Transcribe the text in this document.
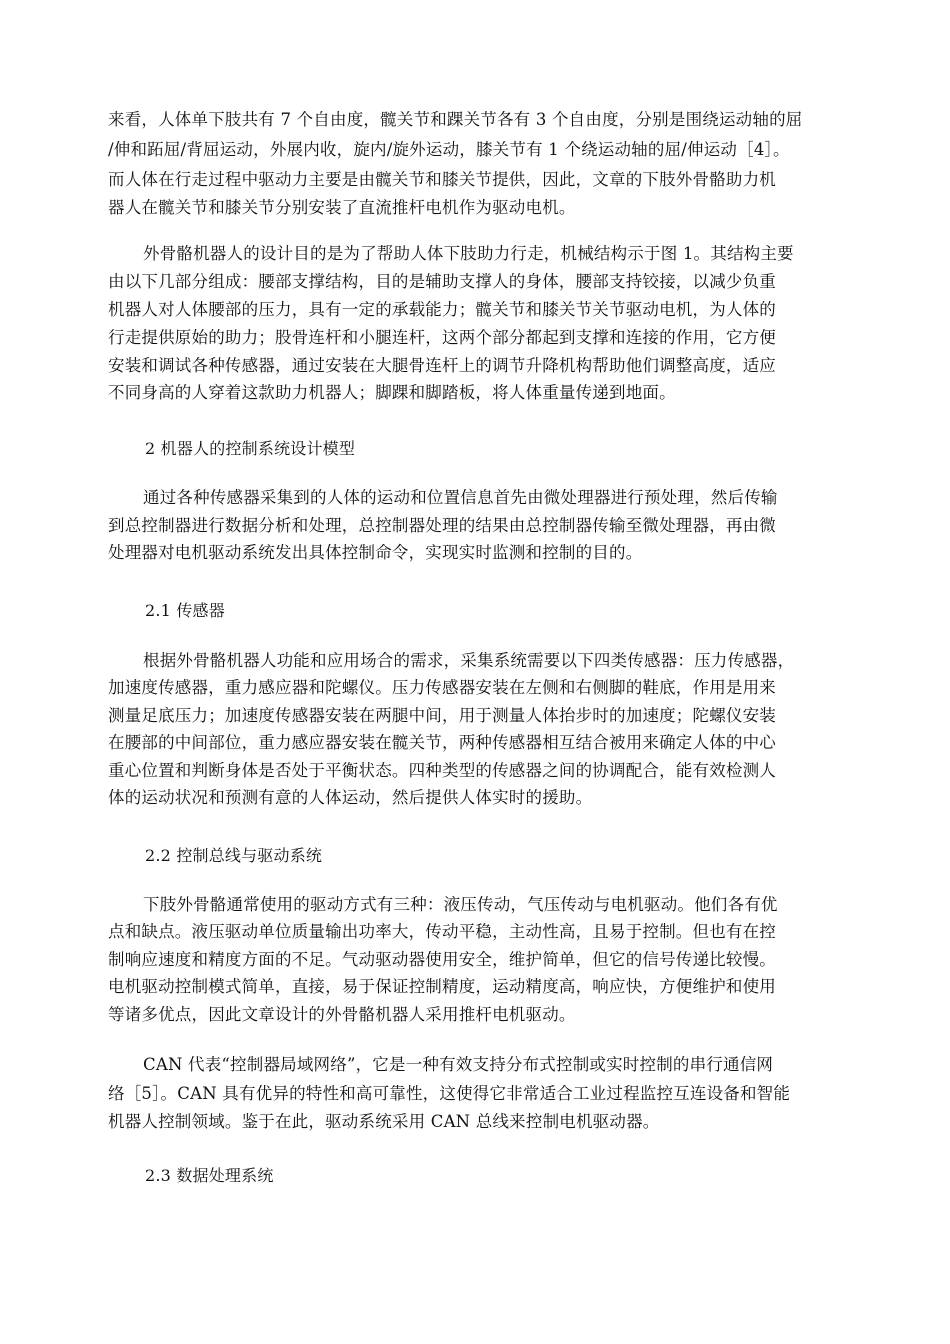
来看，人体单下肢共有 7 个自由度，髋关节和踝关节各有 3 个自由度，分别是围绕运动轴的屈
/伸和跖屈/背屈运动，外展内收，旋内/旋外运动，膝关节有 1 个绕运动轴的屈/伸运动［4］。
而人体在行走过程中驱动力主要是由髋关节和膝关节提供，因此，文章的下肢外骨骼助力机
器人在髋关节和膝关节分别安装了直流推杆电机作为驱动电机。
外骨骼机器人的设计目的是为了帮助人体下肢助力行走，机械结构示于图 1。其结构主要
由以下几部分组成：腰部支撑结构，目的是辅助支撑人的身体，腰部支持铰接，以减少负重
机器人对人体腰部的压力，具有一定的承载能力；髋关节和膝关节关节驱动电机，为人体的
行走提供原始的助力；股骨连杆和小腿连杆，这两个部分都起到支撑和连接的作用，它方便
安装和调试各种传感器，通过安装在大腿骨连杆上的调节升降机构帮助他们调整高度，适应
不同身高的人穿着这款助力机器人；脚踝和脚踏板，将人体重量传递到地面。
2 机器人的控制系统设计模型
通过各种传感器采集到的人体的运动和位置信息首先由微处理器进行预处理，然后传输
到总控制器进行数据分析和处理，总控制器处理的结果由总控制器传输至微处理器，再由微
处理器对电机驱动系统发出具体控制命令，实现实时监测和控制的目的。
2.1 传感器
根据外骨骼机器人功能和应用场合的需求，采集系统需要以下四类传感器：压力传感器，
加速度传感器，重力感应器和陀螺仪。压力传感器安装在左侧和右侧脚的鞋底，作用是用来
测量足底压力；加速度传感器安装在两腿中间，用于测量人体抬步时的加速度；陀螺仪安装
在腰部的中间部位，重力感应器安装在髋关节，两种传感器相互结合被用来确定人体的中心
重心位置和判断身体是否处于平衡状态。四种类型的传感器之间的协调配合，能有效检测人
体的运动状况和预测有意的人体运动，然后提供人体实时的援助。
2.2 控制总线与驱动系统
下肢外骨骼通常使用的驱动方式有三种：液压传动，气压传动与电机驱动。他们各有优
点和缺点。液压驱动单位质量输出功率大，传动平稳，主动性高，且易于控制。但也有在控
制响应速度和精度方面的不足。气动驱动器使用安全，维护简单，但它的信号传递比较慢。
电机驱动控制模式简单，直接，易于保证控制精度，运动精度高，响应快，方便维护和使用
等诸多优点，因此文章设计的外骨骼机器人采用推杆电机驱动。
CAN 代表“控制器局域网络”，它是一种有效支持分布式控制或实时控制的串行通信网
络［5］。CAN 具有优异的特性和高可靠性，这使得它非常适合工业过程监控互连设备和智能
机器人控制领域。鉴于在此，驱动系统采用 CAN 总线来控制电机驱动器。
2.3 数据处理系统
